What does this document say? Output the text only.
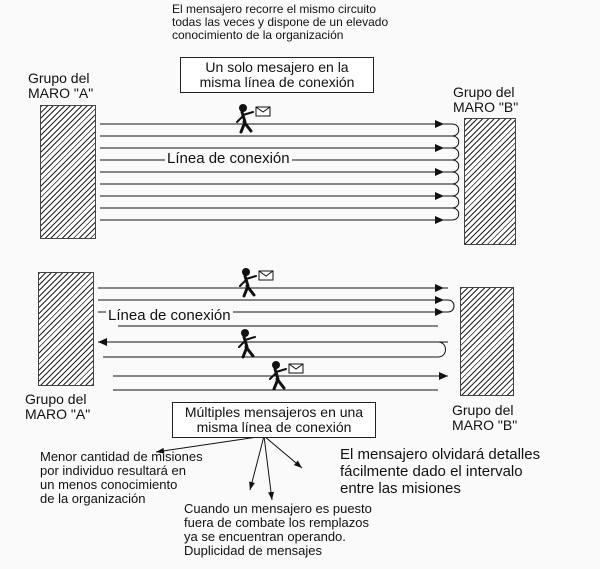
El mensajero recorre el mismo circuito
todas las veces y dispone de un elevado
conocimiento de la organización
Un solo mesajero en la
misma línea de conexión
Grupo del
MARO "A"	Grupo del
MARO "B"
Línea de conexión
Línea de conexión
Grupo del
MARO "A"	Grupo del
MARO "B"
Múltiples mensajeros en una
misma línea de conexión
Menor cantidad de misiones
por individuo resultará en
un menos conocimiento
de la organización
Cuando un mensajero es puesto
fuera de combate los remplazos
ya se encuentran operando.
Duplicidad de mensajes
El mensajero olvidará detalles
fácilmente dado el intervalo
entre las misiones
